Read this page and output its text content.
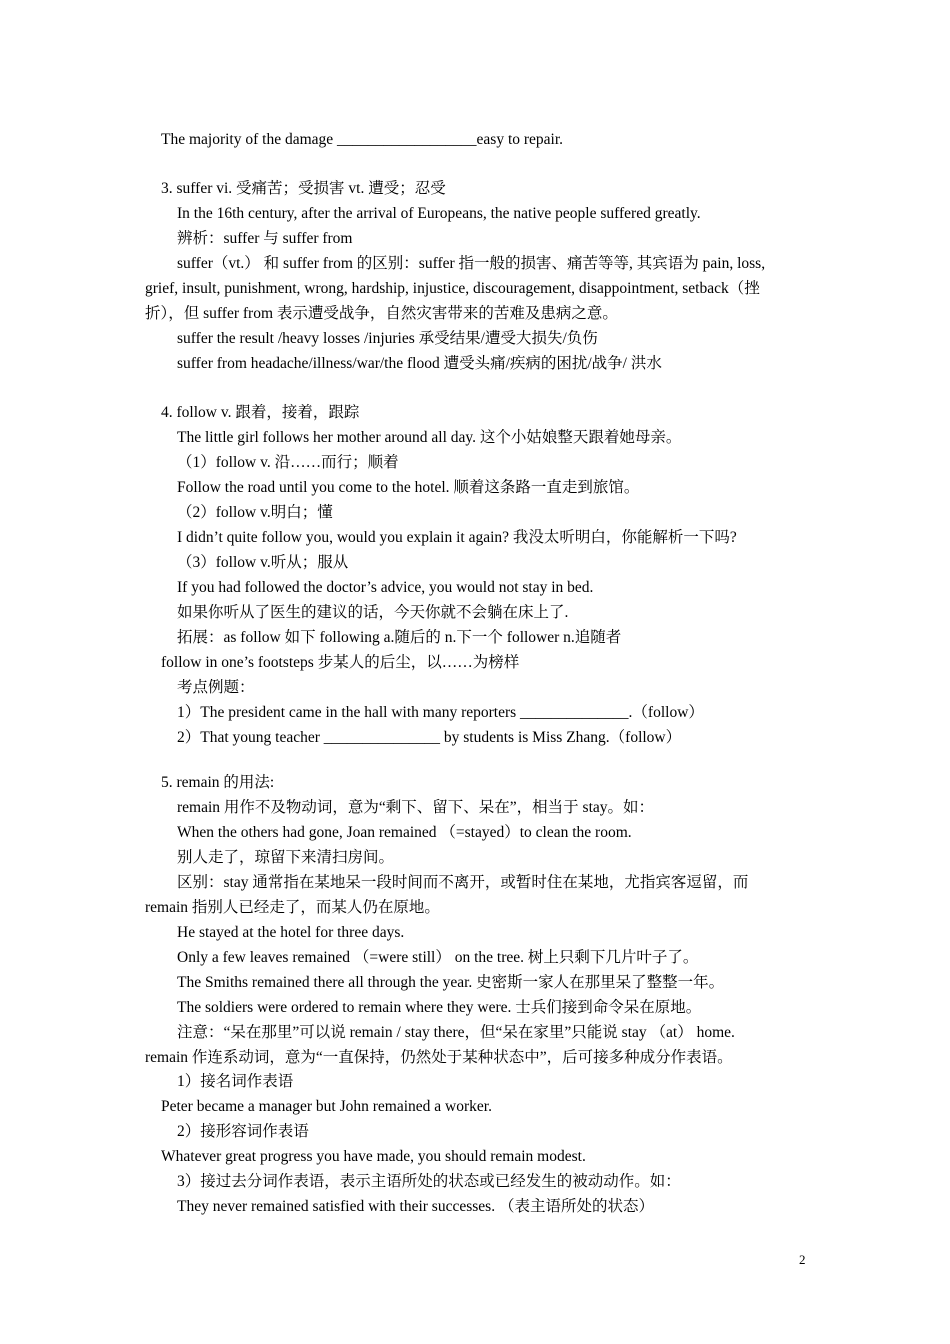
The majority of the damage __________________easy to repair.
3. suffer vi. 受痛苦；受损害 vt. 遭受；忍受
In the 16th century, after the arrival of Europeans, the native people suffered greatly.
辨析：suffer 与 suffer from
suffer（vt.） 和 suffer from 的区别：suffer 指一般的损害、痛苦等等, 其宾语为 pain, loss,
grief, insult, punishment, wrong, hardship, injustice, discouragement, disappointment, setback（挫
折），但 suffer from 表示遭受战争，自然灾害带来的苦难及患病之意。
suffer the result /heavy losses /injuries 承受结果/遭受大损失/负伤
suffer from headache/illness/war/the flood 遭受头痛/疾病的困扰/战争/ 洪水
4. follow v. 跟着，接着，跟踪
The little girl follows her mother around all day. 这个小姑娘整天跟着她母亲。
（1）follow v. 沿……而行；顺着
Follow the road until you come to the hotel. 顺着这条路一直走到旅馆。
（2）follow v.明白；懂
I didn’t quite follow you, would you explain it again? 我没太听明白，你能解析一下吗?
（3）follow v.听从；服从
If you had followed the doctor’s advice, you would not stay in bed.
如果你听从了医生的建议的话，今天你就不会躺在床上了.
拓展：as follow 如下 following a.随后的 n.下一个 follower n.追随者
follow in one’s footsteps 步某人的后尘，以……为榜样
考点例题：
1）The president came in the hall with many reporters ______________.（follow）
2）That young teacher _______________ by students is Miss Zhang.（follow）
5. remain 的用法:
remain 用作不及物动词，意为“剩下、留下、呆在”，相当于 stay。如：
When the others had gone, Joan remained （=stayed）to clean the room.
别人走了，琼留下来清扫房间。
区别：stay 通常指在某地呆一段时间而不离开，或暂时住在某地，尤指宾客逗留，而
remain 指别人已经走了，而某人仍在原地。
He stayed at the hotel for three days.
Only a few leaves remained （=were still） on the tree. 树上只剩下几片叶子了。
The Smiths remained there all through the year. 史密斯一家人在那里呆了整整一年。
The soldiers were ordered to remain where they were. 士兵们接到命令呆在原地。
注意：“呆在那里”可以说 remain / stay there，但“呆在家里”只能说 stay （at） home.
remain 作连系动词，意为“一直保持，仍然处于某种状态中”，后可接多种成分作表语。
1）接名词作表语
Peter became a manager but John remained a worker.
2）接形容词作表语
Whatever great progress you have made, you should remain modest.
3）接过去分词作表语，表示主语所处的状态或已经发生的被动动作。如：
They never remained satisfied with their successes. （表主语所处的状态）
2
